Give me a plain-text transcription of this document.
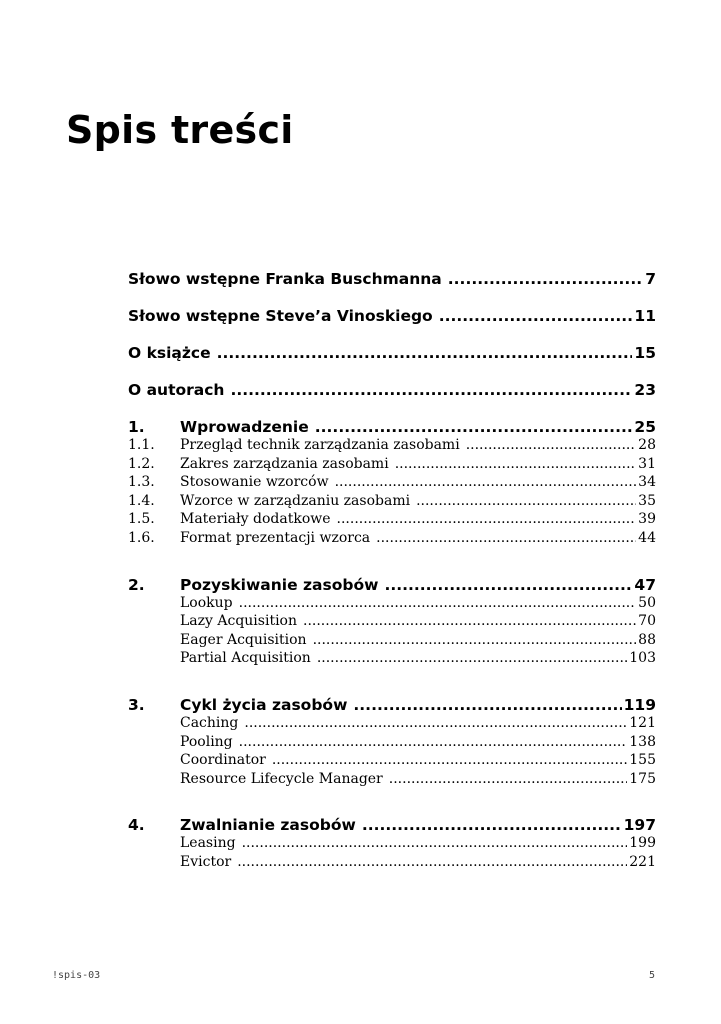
Spis treści
Słowo wstępne Franka Buschmanna .....	7
Słowo wstępne Steve’a Vinoskiego .....	11
O książce .....	15
O autorach .....	23
1.	Wprowadzenie .....	25
1.1.	Przegląd technik zarządzania zasobami .....	28
1.2.	Zakres zarządzania zasobami .....	31
1.3.	Stosowanie wzorców .....	34
1.4.	Wzorce w zarządzaniu zasobami .....	35
1.5.	Materiały dodatkowe .....	39
1.6.	Format prezentacji wzorca .....	44
2.	Pozyskiwanie zasobów .....	47
Lookup .....	50
Lazy Acquisition .....	70
Eager Acquisition .....	88
Partial Acquisition .....	103
3.	Cykl życia zasobów .....	119
Caching .....	121
Pooling .....	138
Coordinator .....	155
Resource Lifecycle Manager .....	175
4.	Zwalnianie zasobów .....	197
Leasing .....	199
Evictor .....	221
!spis-03	5
